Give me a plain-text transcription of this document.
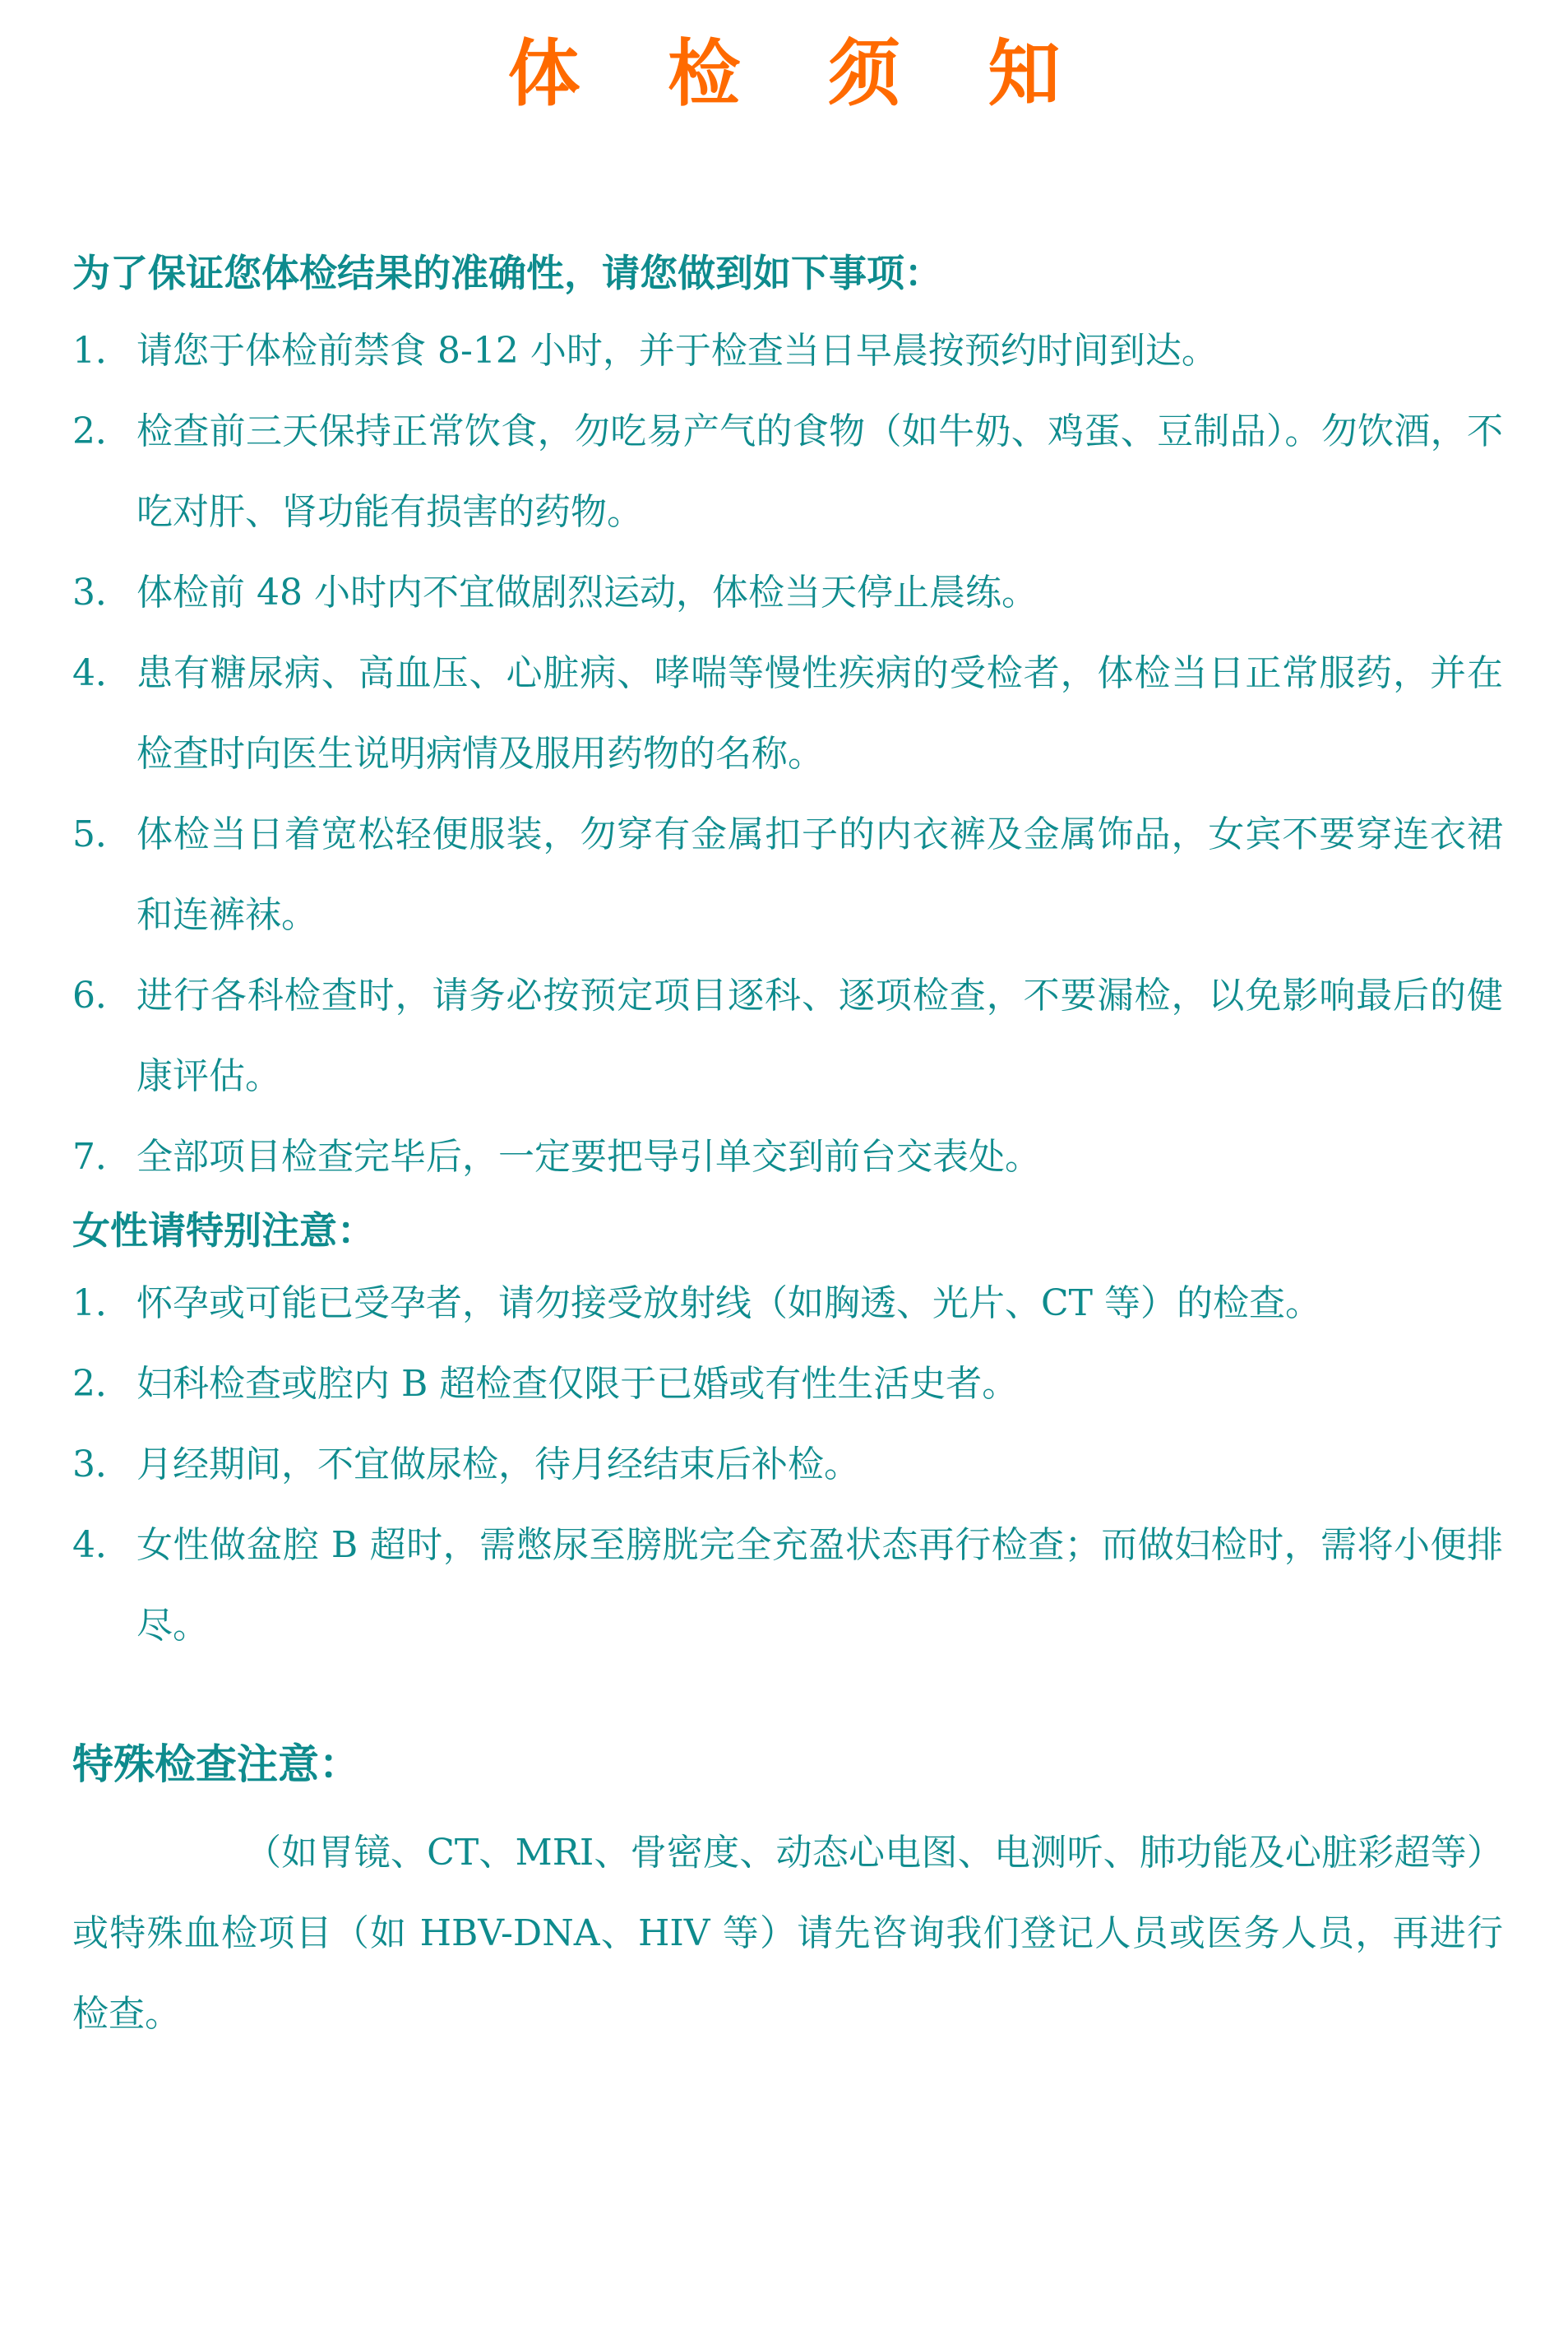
体 检 须 知
为了保证您体检结果的准确性，请您做到如下事项：
1． 请您于体检前禁食 8-12 小时，并于检查当日早晨按预约时间到达。
2． 检查前三天保持正常饮食，勿吃易产气的食物（如牛奶、鸡蛋、豆制品）。勿饮酒，不吃对肝、肾功能有损害的药物。
3． 体检前 48 小时内不宜做剧烈运动，体检当天停止晨练。
4． 患有糖尿病、高血压、心脏病、哮喘等慢性疾病的受检者，体检当日正常服药，并在检查时向医生说明病情及服用药物的名称。
5． 体检当日着宽松轻便服装，勿穿有金属扣子的内衣裤及金属饰品，女宾不要穿连衣裙和连裤袜。
6． 进行各科检查时，请务必按预定项目逐科、逐项检查，不要漏检，以免影响最后的健康评估。
7． 全部项目检查完毕后，一定要把导引单交到前台交表处。
女性请特别注意：
1． 怀孕或可能已受孕者，请勿接受放射线（如胸透、光片、CT 等）的检查。
2． 妇科检查或腔内 B 超检查仅限于已婚或有性生活史者。
3． 月经期间，不宜做尿检，待月经结束后补检。
4． 女性做盆腔 B 超时，需憋尿至膀胱完全充盈状态再行检查；而做妇检时，需将小便排尽。
特殊检查注意：
（如胃镜、CT、MRI、骨密度、动态心电图、电测听、肺功能及心脏彩超等）或特殊血检项目（如 HBV-DNA、HIV 等）请先咨询我们登记人员或医务人员，再进行检查。
